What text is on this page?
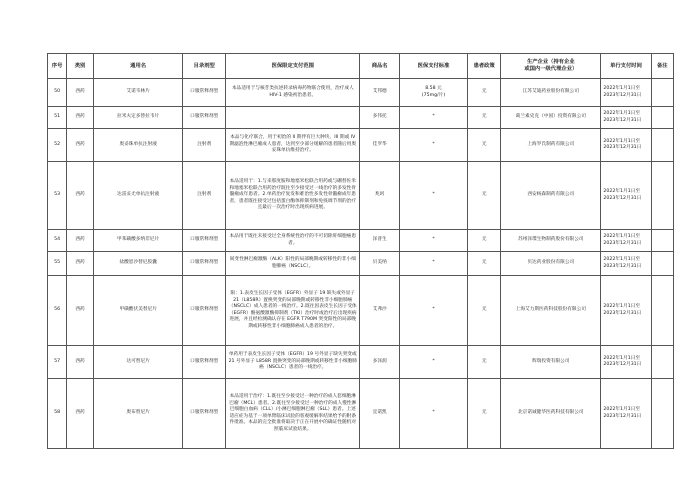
序号	类别	通用名	目录剂型	医保限定支付范围	商品名	医保支付标准	患者政策	生产企业（持有企业
或国内一级代理企业）	单行支付时间	备注
50	西药	艾诺韦林片	口服常释剂型	本品适用于与核苷类抗逆转录病毒药物联合使用，治疗成人 HIV-1 感染初治患者。	艾邦德	8.58 元
(75mg/片)	无	江苏艾迪药业股份有限公司	2022年1月1日至
2023年12月31日	

51	西药	拉米夫定多替拉韦片	口服常释剂型		多伟托	*	无	葛兰素史克（中国）投资有限公司	2022年1月1日至
2023年12月31日	

52	西药	奥妥珠单抗注射液	注射剂	本品与化疗联合，用于初治的 II 期伴有巨大肿块、III 期或 IV 期滤泡性淋巴瘤成人患者，达到至少部分缓解的患者随后用奥妥珠单抗维持治疗。	佳罗华	*	无	上海罗氏制药有限公司	2022年1月1日至
2023年12月31日	

53	西药	达雷妥尤单抗注射液	注射剂	本品适用于：1.与来那度胺和地塞米松联合用药或与硼替佐米和地塞米松联合用药治疗既往至少接受过一线治疗的多发性骨髓瘤成年患者。2.单药治疗复发和难治性多发性骨髓瘤成年患者，患者既往接受过包括蛋白酶体抑制剂和免疫调节剂的治疗且最后一次治疗时出现疾病进展。	兆珂	*	无	西安杨森制药有限公司	2022年1月1日至
2023年12月31日	

54	西药	甲苯磺酸多纳非尼片	口服常释剂型	本品用于既往未接受过全身系统性治疗的不可切除肝细胞癌患者。	泽普生	*	无	苏州泽璟生物制药股份有限公司	2022年1月1日至
2023年12月31日	

55	西药	盐酸恩沙替尼胶囊	口服常释剂型	间变性淋巴瘤激酶（ALK）阳性的局部晚期或转移性的非小细胞肺癌（NSCLC）。	贝美纳	*	无	贝达药业股份有限公司	2022年1月1日至
2023年12月31日	

56	西药	甲磺酸伏美替尼片	口服常释剂型	限：1.表皮生长因子受体（EGFR）外显子 19 缺失或外显子 21（L858R）置换突变的局部晚期或转移性非小细胞肺癌（NSCLC）成人患者的一线治疗。2.既往因表皮生长因子受体（EGFR）酪氨酸激酶抑制剂（TKI）治疗时或治疗后出现疾病进展，并且经检测确认存在 EGFR T790M 突变阳性的局部晚期或转移性非小细胞肺癌成人患者的治疗。	艾弗沙	*	无	上海艾力斯医药科技股份有限公司	2022年1月1日至
2023年12月31日	

57	西药	达可替尼片	口服常释剂型	单药用于表皮生长因子受体（EGFR）19 号外显子缺失突变或 21 号外显子 L858R 置换突变的局部晚期或转移性非小细胞肺癌（NSCLC）患者的一线治疗。	多泽润	*	无	辉瑞投资有限公司	2022年1月1日至
2023年12月31日	

58	西药	奥布替尼片	口服常释剂型	本品适用于治疗：1.既往至少接受过一种治疗的成人套细胞淋巴瘤（MCL）患者。2.既往至少接受过一种治疗的成人慢性淋巴细胞白血病（CLL）/小淋巴细胞淋巴瘤（SLL）患者。上述适应症为基于一项单臂临床试验的客观缓解率结果给予的附条件批准。本品的完全批准将取决于正在开展中的确证性随机对照临床试验结果。	宜诺凯	*	无	北京诺诚健华医药科技有限公司	2022年1月1日至
2023年12月31日	
